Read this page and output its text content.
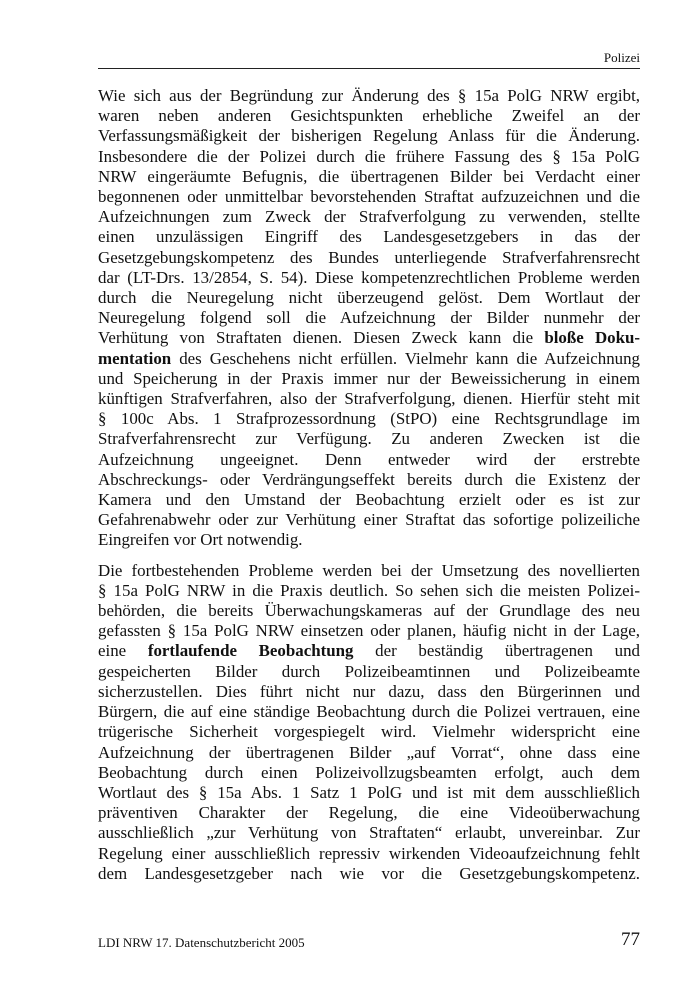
Polizei

Wie sich aus der Begründung zur Änderung des § 15a PolG NRW ergibt,
waren neben anderen Gesichtspunkten erhebliche Zweifel an der
Verfassungsmäßigkeit der bisherigen Regelung Anlass für die Änderung.
Insbesondere die der Polizei durch die frühere Fassung des § 15a PolG
NRW eingeräumte Befugnis, die übertragenen Bilder bei Verdacht einer
begonnenen oder unmittelbar bevorstehenden Straftat aufzuzeichnen und die
Aufzeichnungen zum Zweck der Strafverfolgung zu verwenden, stellte
einen unzulässigen Eingriff des Landesgesetzgebers in das der
Gesetzgebungskompetenz des Bundes unterliegende Strafverfahrensrecht
dar (LT-Drs. 13/2854, S. 54). Diese kompetenzrechtlichen Probleme werden
durch die Neuregelung nicht überzeugend gelöst. Dem Wortlaut der
Neuregelung folgend soll die Aufzeichnung der Bilder nunmehr der
Verhütung von Straftaten dienen. Diesen Zweck kann die bloße Doku-
mentation des Geschehens nicht erfüllen. Vielmehr kann die Aufzeichnung
und Speicherung in der Praxis immer nur der Beweissicherung in einem
künftigen Strafverfahren, also der Strafverfolgung, dienen. Hierfür steht mit
§ 100c Abs. 1 Strafprozessordnung (StPO) eine Rechtsgrundlage im
Strafverfahrensrecht zur Verfügung. Zu anderen Zwecken ist die
Aufzeichnung ungeeignet. Denn entweder wird der erstrebte
Abschreckungs- oder Verdrängungseffekt bereits durch die Existenz der
Kamera und den Umstand der Beobachtung erzielt oder es ist zur
Gefahrenabwehr oder zur Verhütung einer Straftat das sofortige polizeiliche
Eingreifen vor Ort notwendig.

Die fortbestehenden Probleme werden bei der Umsetzung des novellierten
§ 15a PolG NRW in die Praxis deutlich. So sehen sich die meisten Polizei-
behörden, die bereits Überwachungskameras auf der Grundlage des neu
gefassten § 15a PolG NRW einsetzen oder planen, häufig nicht in der Lage,
eine fortlaufende Beobachtung der beständig übertragenen und
gespeicherten Bilder durch Polizeibeamtinnen und Polizeibeamte
sicherzustellen. Dies führt nicht nur dazu, dass den Bürgerinnen und
Bürgern, die auf eine ständige Beobachtung durch die Polizei vertrauen, eine
trügerische Sicherheit vorgespiegelt wird. Vielmehr widerspricht eine
Aufzeichnung der übertragenen Bilder „auf Vorrat“, ohne dass eine
Beobachtung durch einen Polizeivollzugsbeamten erfolgt, auch dem
Wortlaut des § 15a Abs. 1 Satz 1 PolG und ist mit dem ausschließlich
präventiven Charakter der Regelung, die eine Videoüberwachung
ausschließlich „zur Verhütung von Straftaten“ erlaubt, unvereinbar. Zur
Regelung einer ausschließlich repressiv wirkenden Videoaufzeichnung fehlt
dem Landesgesetzgeber nach wie vor die Gesetzgebungskompetenz.

LDI NRW 17. Datenschutzbericht 2005	77
